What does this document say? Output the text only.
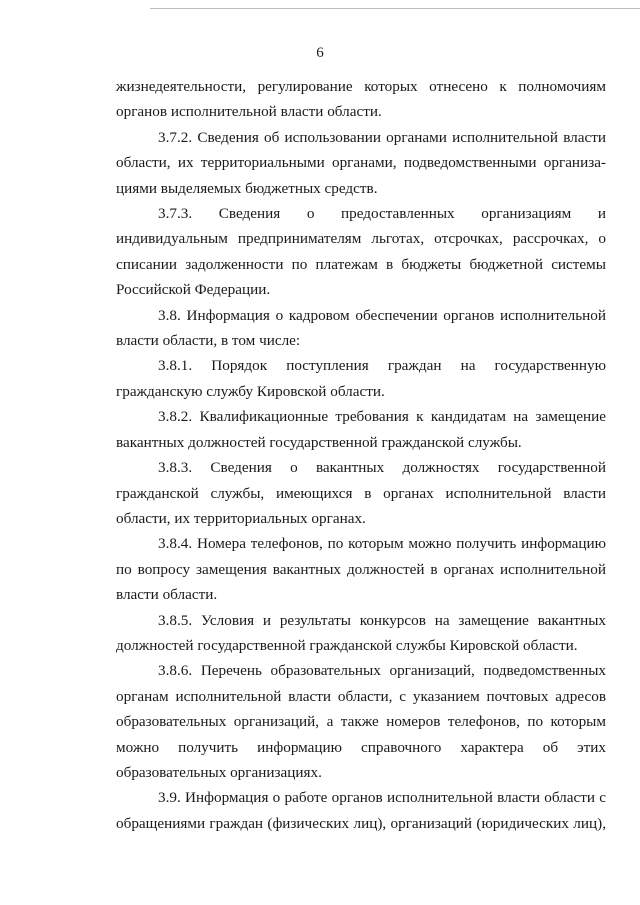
6

жизнедеятельности, регулирование которых отнесено к полномочиям органов исполнительной власти области.

3.7.2. Сведения об использовании органами исполнительной власти области, их территориальными органами, подведомственными организа-циями выделяемых бюджетных средств.

3.7.3. Сведения о предоставленных организациям и индивидуальным предпринимателям льготах, отсрочках, рассрочках, о списании задолженности по платежам в бюджеты бюджетной системы Российской Федерации.

3.8. Информация о кадровом обеспечении органов исполнительной власти области, в том числе:

3.8.1. Порядок поступления граждан на государственную гражданскую службу Кировской области.

3.8.2. Квалификационные требования к кандидатам на замещение вакантных должностей государственной гражданской службы.

3.8.3. Сведения о вакантных должностях государственной гражданской службы, имеющихся в органах исполнительной власти области, их территориальных органах.

3.8.4. Номера телефонов, по которым можно получить информацию по вопросу замещения вакантных должностей в органах исполнительной власти области.

3.8.5. Условия и результаты конкурсов на замещение вакантных должностей государственной гражданской службы Кировской области.

3.8.6. Перечень образовательных организаций, подведомственных органам исполнительной власти области, с указанием почтовых адресов образовательных организаций, а также номеров телефонов, по которым можно получить информацию справочного характера об этих образовательных организациях.

3.9. Информация о работе органов исполнительной власти области с обращениями граждан (физических лиц), организаций (юридических лиц),
